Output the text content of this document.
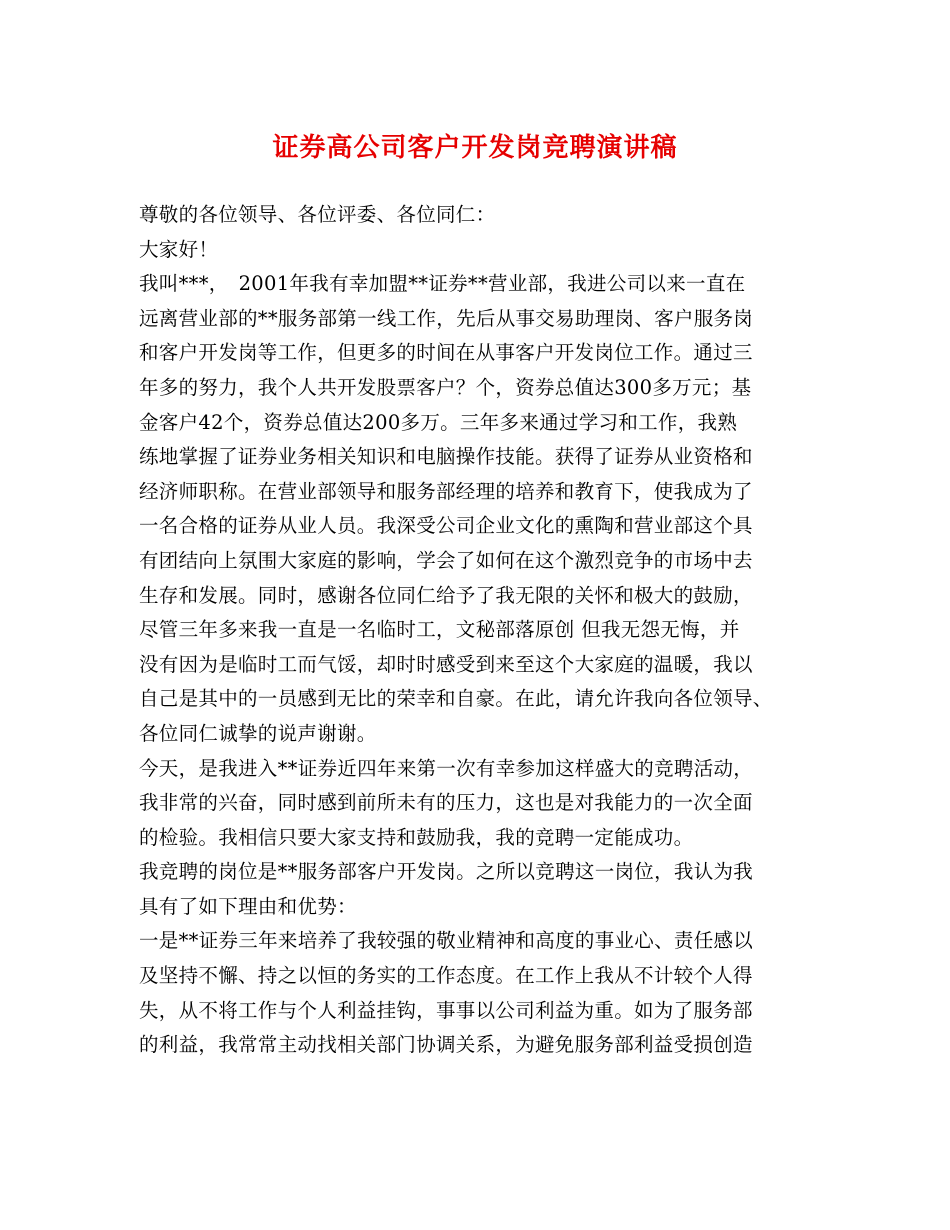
证券高公司客户开发岗竞聘演讲稿
尊敬的各位领导、各位评委、各位同仁：
大家好！
我叫***，　2001年我有幸加盟**证券**营业部，我进公司以来一直在
远离营业部的**服务部第一线工作，先后从事交易助理岗、客户服务岗
和客户开发岗等工作，但更多的时间在从事客户开发岗位工作。通过三
年多的努力，我个人共开发股票客户？个，资券总值达300多万元；基
金客户42个，资券总值达200多万。三年多来通过学习和工作，我熟
练地掌握了证券业务相关知识和电脑操作技能。获得了证券从业资格和
经济师职称。在营业部领导和服务部经理的培养和教育下，使我成为了
一名合格的证券从业人员。我深受公司企业文化的熏陶和营业部这个具
有团结向上氛围大家庭的影响，学会了如何在这个激烈竞争的市场中去
生存和发展。同时，感谢各位同仁给予了我无限的关怀和极大的鼓励，
尽管三年多来我一直是一名临时工，文秘部落原创 但我无怨无悔，并
没有因为是临时工而气馁，却时时感受到来至这个大家庭的温暖，我以
自己是其中的一员感到无比的荣幸和自豪。在此，请允许我向各位领导、
各位同仁诚挚的说声谢谢。
今天，是我进入**证券近四年来第一次有幸参加这样盛大的竞聘活动，
我非常的兴奋，同时感到前所未有的压力，这也是对我能力的一次全面
的检验。我相信只要大家支持和鼓励我，我的竞聘一定能成功。
我竞聘的岗位是**服务部客户开发岗。之所以竞聘这一岗位，我认为我
具有了如下理由和优势：
一是**证券三年来培养了我较强的敬业精神和高度的事业心、责任感以
及坚持不懈、持之以恒的务实的工作态度。在工作上我从不计较个人得
失，从不将工作与个人利益挂钩，事事以公司利益为重。如为了服务部
的利益，我常常主动找相关部门协调关系，为避免服务部利益受损创造
